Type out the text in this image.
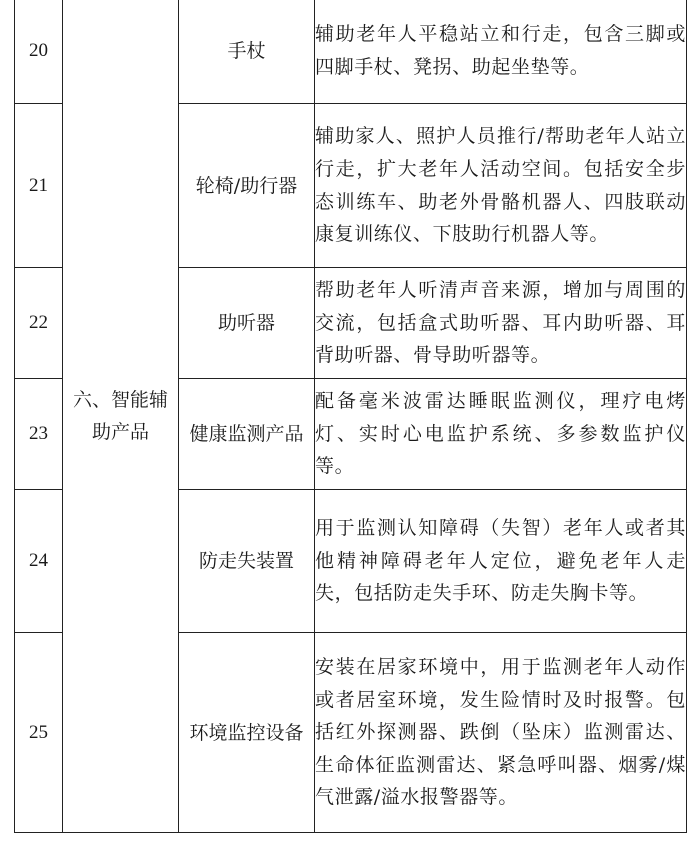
20	六、智能辅助产品	手杖	辅助老年人平稳站立和行走，包含三脚或四脚手杖、凳拐、助起坐垫等。
21		轮椅/助行器	辅助家人、照护人员推行/帮助老年人站立行走，扩大老年人活动空间。包括安全步态训练车、助老外骨骼机器人、四肢联动康复训练仪、下肢助行机器人等。
22		助听器	帮助老年人听清声音来源，增加与周围的交流，包括盒式助听器、耳内助听器、耳背助听器、骨导助听器等。
23		健康监测产品	配备毫米波雷达睡眠监测仪，理疗电烤灯、实时心电监护系统、多参数监护仪等。
24		防走失装置	用于监测认知障碍（失智）老年人或者其他精神障碍老年人定位，避免老年人走失，包括防走失手环、防走失胸卡等。
25		环境监控设备	安装在居家环境中，用于监测老年人动作或者居室环境，发生险情时及时报警。包括红外探测器、跌倒（坠床）监测雷达、生命体征监测雷达、紧急呼叫器、烟雾/煤气泄露/溢水报警器等。
